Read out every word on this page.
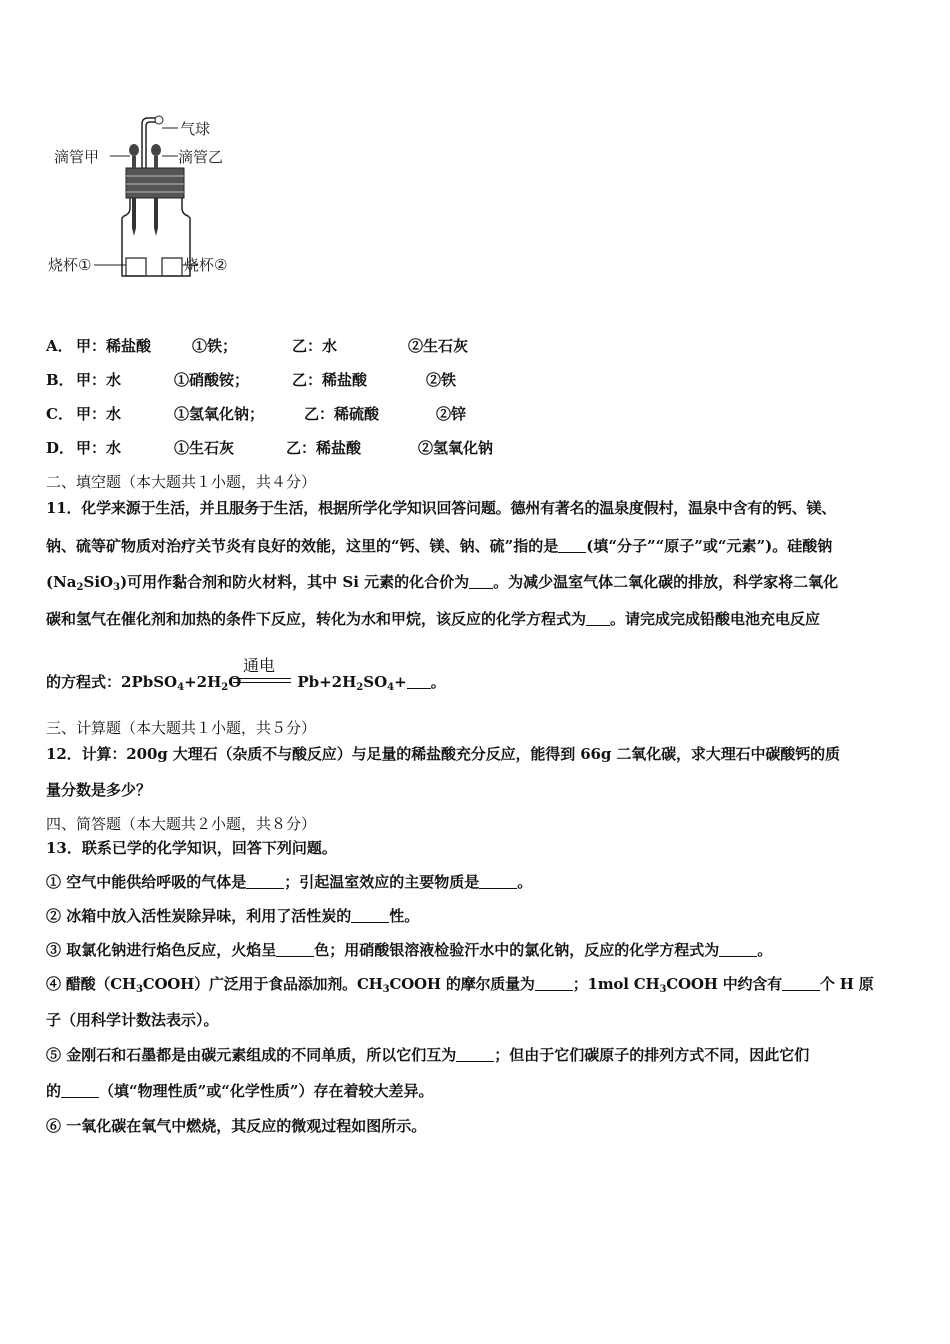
气球
滴管甲	滴管乙
烧杯①	烧杯②
A． 甲：稀盐酸	①铁；	乙：水	②生石灰
B． 甲：水	①硝酸铵；	乙：稀盐酸	②铁
C． 甲：水	①氢氧化钠；	乙：稀硫酸	②锌
D． 甲：水	①生石灰	乙：稀盐酸	②氢氧化钠
二、填空题（本大题共１小题，共４分）
11．化学来源于生活，并且服务于生活，根据所学化学知识回答问题。德州有著名的温泉度假村，温泉中含有的钙、镁、
钠、硫等矿物质对治疗关节炎有良好的效能，这里的“钙、镁、钠、硫”指的是 (填“分子”“原子”或“元素”)。硅酸钠
$(Na_2SiO_3)$可用作黏合剂和防火材料，其中 Si 元素的化合价为 。为减少温室气体二氧化碳的排放，科学家将二氧化
碳和氢气在催化剂和加热的条件下反应，转化为水和甲烷，该反应的化学方程式为 。请完成完成铅酸电池充电反应
的方程式：$2PbSO_4+2H_2O$	$Pb+2H_2SO_4+$ 。
通电
三、计算题（本大题共１小题，共５分）
12．计算：200g 大理石（杂质不与酸反应）与足量的稀盐酸充分反应，能得到 66g 二氧化碳，求大理石中碳酸钙的质
量分数是多少？
四、简答题（本大题共２小题，共８分）
13．联系已学的化学知识，回答下列问题。
① 空气中能供给呼吸的气体是	；引起温室效应的主要物质是	。
② 冰箱中放入活性炭除异味，利用了活性炭的	性。
③ 取氯化钠进行焰色反应，火焰呈	色；用硝酸银溶液检验汗水中的氯化钠，反应的化学方程式为	。
④ 醋酸$(CH_3COOH)$广泛用于食品添加剂。$CH_3COOH$ 的摩尔质量为	；1mol $CH_3COOH$ 中约含有	个 H 原
子（用科学计数法表示）。
⑤ 金刚石和石墨都是由碳元素组成的不同单质，所以它们互为	；但由于它们碳原子的排列方式不同，因此它们
的	（填“物理性质”或“化学性质”）存在着较大差异。
⑥ 一氧化碳在氧气中燃烧，其反应的微观过程如图所示。
